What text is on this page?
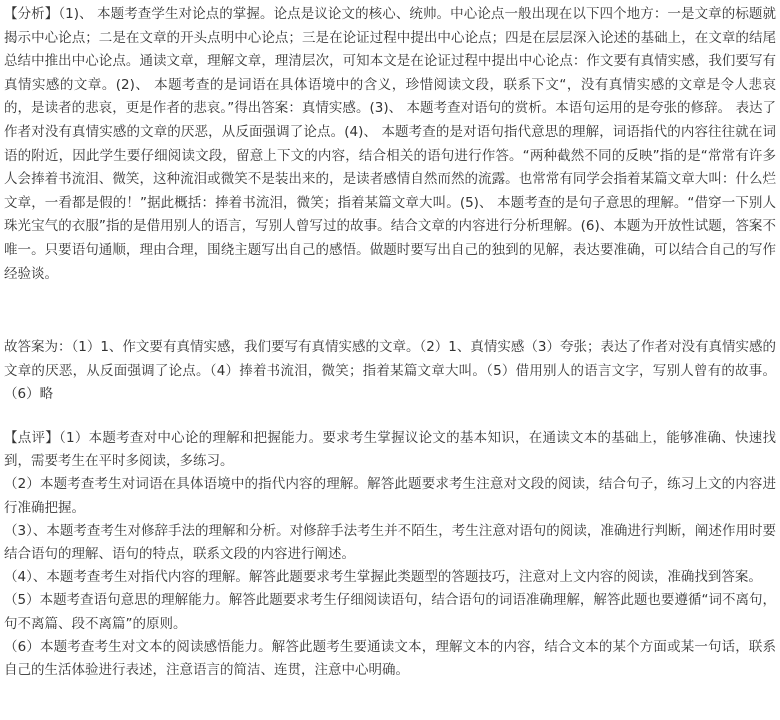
【分析】（1)、 本题考查学生对论点的掌握。论点是议论文的核心、统帅。中心论点一般出现在以下四个地方：一是文章的标题就揭示中心论点；二是在文章的开头点明中心论点；三是在论证过程中提出中心论点；四是在层层深入论述的基础上，在文章的结尾总结中推出中心论点。通读文章，理解文章，理清层次，可知本文是在论证过程中提出中心论点：作文要有真情实感，我们要写有真情实感的文章。(2)、 本题考查的是词语在具体语境中的含义，珍惜阅读文段，联系下文“，没有真情实感的文章是令人悲哀的，是读者的悲哀，更是作者的悲哀。”得出答案：真情实感。(3)、 本题考查对语句的赏析。本语句运用的是夸张的修辞。 表达了作者对没有真情实感的文章的厌恶，从反面强调了论点。(4)、 本题考查的是对语句指代意思的理解，词语指代的内容往往就在词语的附近，因此学生要仔细阅读文段，留意上下文的内容，结合相关的语句进行作答。“两种截然不同的反映”指的是“常常有许多人会捧着书流泪、微笑，这种流泪或微笑不是装出来的，是读者感情自然而然的流露。也常常有同学会指着某篇文章大叫：什么烂文章，一看都是假的！”据此概括：捧着书流泪，微笑；指着某篇文章大叫。(5)、 本题考查的是句子意思的理解。“借穿一下别人珠光宝气的衣服”指的是借用别人的语言，写别人曾写过的故事。结合文章的内容进行分析理解。(6)、本题为开放性试题，答案不唯一。只要语句通顺，理由合理，围绕主题写出自己的感悟。做题时要写出自己的独到的见解，表达要准确，可以结合自己的写作经验谈。

故答案为：（1）1、作文要有真情实感，我们要写有真情实感的文章。（2）1、真情实感（3）夸张；表达了作者对没有真情实感的文章的厌恶，从反面强调了论点。（4）捧着书流泪，微笑；指着某篇文章大叫。（5）借用别人的语言文字，写别人曾有的故事。（6）略

【点评】（1）本题考查对中心论的理解和把握能力。要求考生掌握议论文的基本知识，在通读文本的基础上，能够准确、快速找到，需要考生在平时多阅读，多练习。

（2）本题考查考生对词语在具体语境中的指代内容的理解。解答此题要求考生注意对文段的阅读，结合句子，练习上文的内容进行准确把握。

（3）、本题考查考生对修辞手法的理解和分析。对修辞手法考生并不陌生，考生注意对语句的阅读，准确进行判断，阐述作用时要结合语句的理解、语句的特点，联系文段的内容进行阐述。

（4）、本题考查考生对指代内容的理解。解答此题要求考生掌握此类题型的答题技巧，注意对上文内容的阅读，准确找到答案。

（5）本题考查语句意思的理解能力。解答此题要求考生仔细阅读语句，结合语句的词语准确理解，解答此题也要遵循“词不离句，句不离篇、段不离篇”的原则。

（6）本题考查考生对文本的阅读感悟能力。解答此题考生要通读文本，理解文本的内容，结合文本的某个方面或某一句话，联系自己的生活体验进行表述，注意语言的简洁、连贯，注意中心明确。
